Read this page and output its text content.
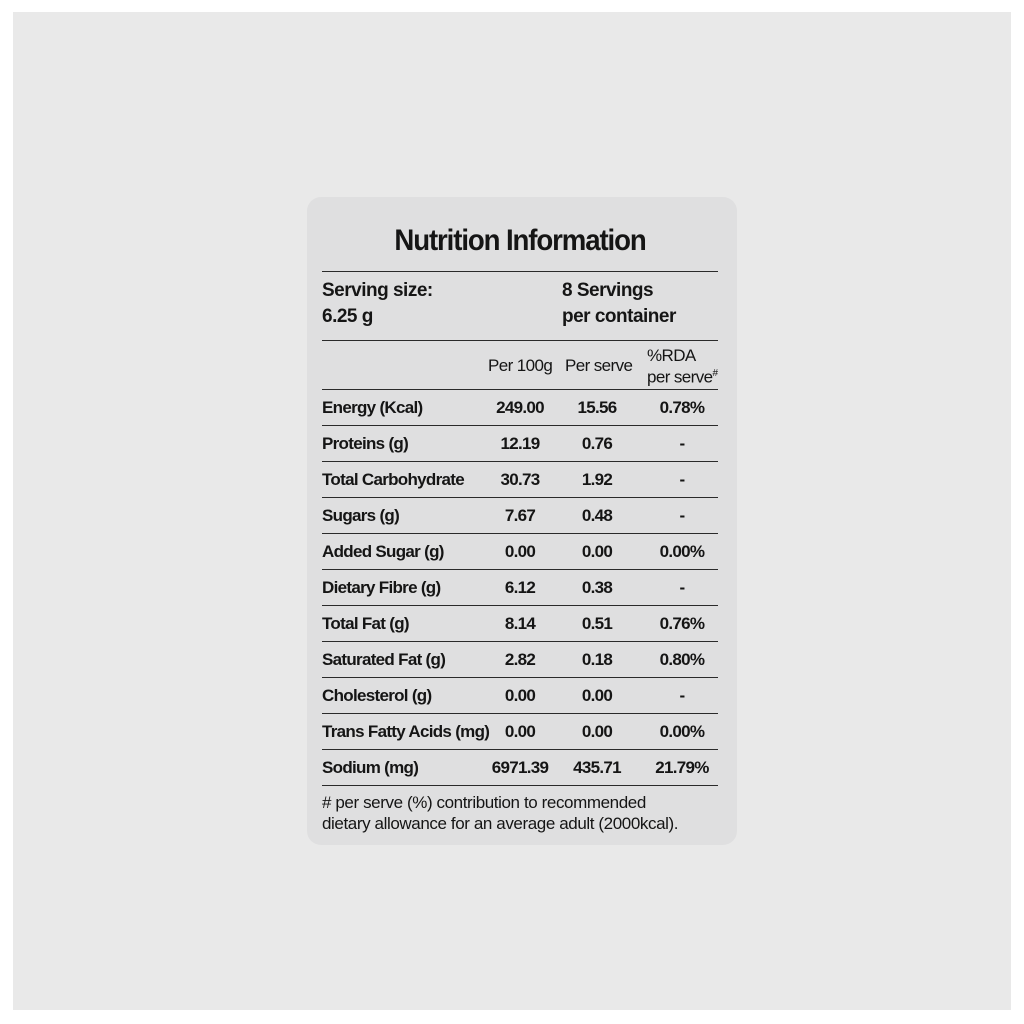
Nutrition Information
Serving size:
6.25 g
8 Servings
per container
Per 100g Per serve
%RDA
per serve#
Energy (Kcal)	249.00	15.56	0.78%
Proteins (g)	12.19	0.76	-
Total Carbohydrate	30.73	1.92	-
Sugars (g)	7.67	0.48	-
Added Sugar (g)	0.00	0.00	0.00%
Dietary Fibre (g)	6.12	0.38	-
Total Fat (g)	8.14	0.51	0.76%
Saturated Fat (g)	2.82	0.18	0.80%
Cholesterol (g)	0.00	0.00	-
Trans Fatty Acids (mg) 0.00	0.00	0.00%
Sodium (mg)	6971.39	435.71	21.79%
# per serve (%) contribution to recommended
dietary allowance for an average adult (2000kcal).
